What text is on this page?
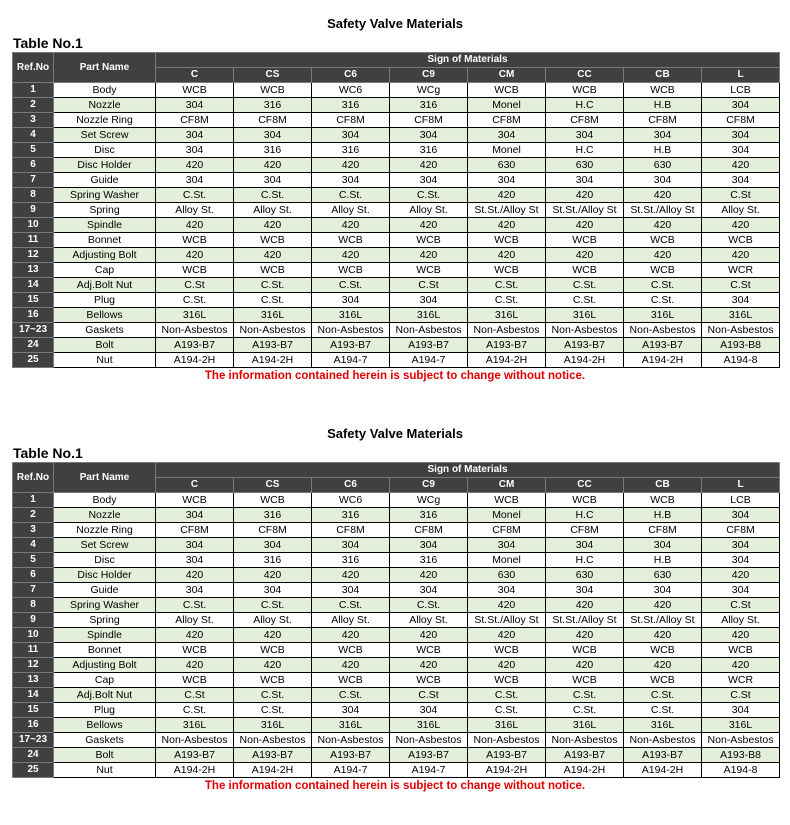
Safety Valve Materials
Table No.1
Ref.No	Part Name	Sign of Materials							
		C	CS	C6	C9	CM	CC	CB	L
1	Body	WCB	WCB	WC6	WCg	WCB	WCB	WCB	LCB
2	Nozzle	304	316	316	316	Monel	H.C	H.B	304
3	Nozzle Ring	CF8M	CF8M	CF8M	CF8M	CF8M	CF8M	CF8M	CF8M
4	Set Screw	304	304	304	304	304	304	304	304
5	Disc	304	316	316	316	Monel	H.C	H.B	304
6	Disc Holder	420	420	420	420	630	630	630	420
7	Guide	304	304	304	304	304	304	304	304
8	Spring Washer	C.St.	C.St.	C.St.	C.St.	420	420	420	C.St
9	Spring	Alloy St.	Alloy St.	Alloy St.	Alloy St.	St.St./Alloy St	St.St./Alloy St	St.St./Alloy St	Alloy St.
10	Spindle	420	420	420	420	420	420	420	420
11	Bonnet	WCB	WCB	WCB	WCB	WCB	WCB	WCB	WCB
12	Adjusting Bolt	420	420	420	420	420	420	420	420
13	Cap	WCB	WCB	WCB	WCB	WCB	WCB	WCB	WCR
14	Adj.Bolt Nut	C.St	C.St.	C.St.	C.St	C.St.	C.St.	C.St.	C.St
15	Plug	C.St.	C.St.	304	304	C.St.	C.St.	C.St.	304
16	Bellows	316L	316L	316L	316L	316L	316L	316L	316L
17~23	Gaskets	Non-Asbestos	Non-Asbestos	Non-Asbestos	Non-Asbestos	Non-Asbestos	Non-Asbestos	Non-Asbestos	Non-Asbestos
24	Bolt	A193-B7	A193-B7	A193-B7	A193-B7	A193-B7	A193-B7	A193-B7	A193-B8
25	Nut	A194-2H	A194-2H	A194-7	A194-7	A194-2H	A194-2H	A194-2H	A194-8
The information contained herein is subject to change without notice.
Safety Valve Materials
Table No.1
Ref.No	Part Name	Sign of Materials							
		C	CS	C6	C9	CM	CC	CB	L
1	Body	WCB	WCB	WC6	WCg	WCB	WCB	WCB	LCB
2	Nozzle	304	316	316	316	Monel	H.C	H.B	304
3	Nozzle Ring	CF8M	CF8M	CF8M	CF8M	CF8M	CF8M	CF8M	CF8M
4	Set Screw	304	304	304	304	304	304	304	304
5	Disc	304	316	316	316	Monel	H.C	H.B	304
6	Disc Holder	420	420	420	420	630	630	630	420
7	Guide	304	304	304	304	304	304	304	304
8	Spring Washer	C.St.	C.St.	C.St.	C.St.	420	420	420	C.St
9	Spring	Alloy St.	Alloy St.	Alloy St.	Alloy St.	St.St./Alloy St	St.St./Alloy St	St.St./Alloy St	Alloy St.
10	Spindle	420	420	420	420	420	420	420	420
11	Bonnet	WCB	WCB	WCB	WCB	WCB	WCB	WCB	WCB
12	Adjusting Bolt	420	420	420	420	420	420	420	420
13	Cap	WCB	WCB	WCB	WCB	WCB	WCB	WCB	WCR
14	Adj.Bolt Nut	C.St	C.St.	C.St.	C.St	C.St.	C.St.	C.St.	C.St
15	Plug	C.St.	C.St.	304	304	C.St.	C.St.	C.St.	304
16	Bellows	316L	316L	316L	316L	316L	316L	316L	316L
17~23	Gaskets	Non-Asbestos	Non-Asbestos	Non-Asbestos	Non-Asbestos	Non-Asbestos	Non-Asbestos	Non-Asbestos	Non-Asbestos
24	Bolt	A193-B7	A193-B7	A193-B7	A193-B7	A193-B7	A193-B7	A193-B7	A193-B8
25	Nut	A194-2H	A194-2H	A194-7	A194-7	A194-2H	A194-2H	A194-2H	A194-8
The information contained herein is subject to change without notice.
